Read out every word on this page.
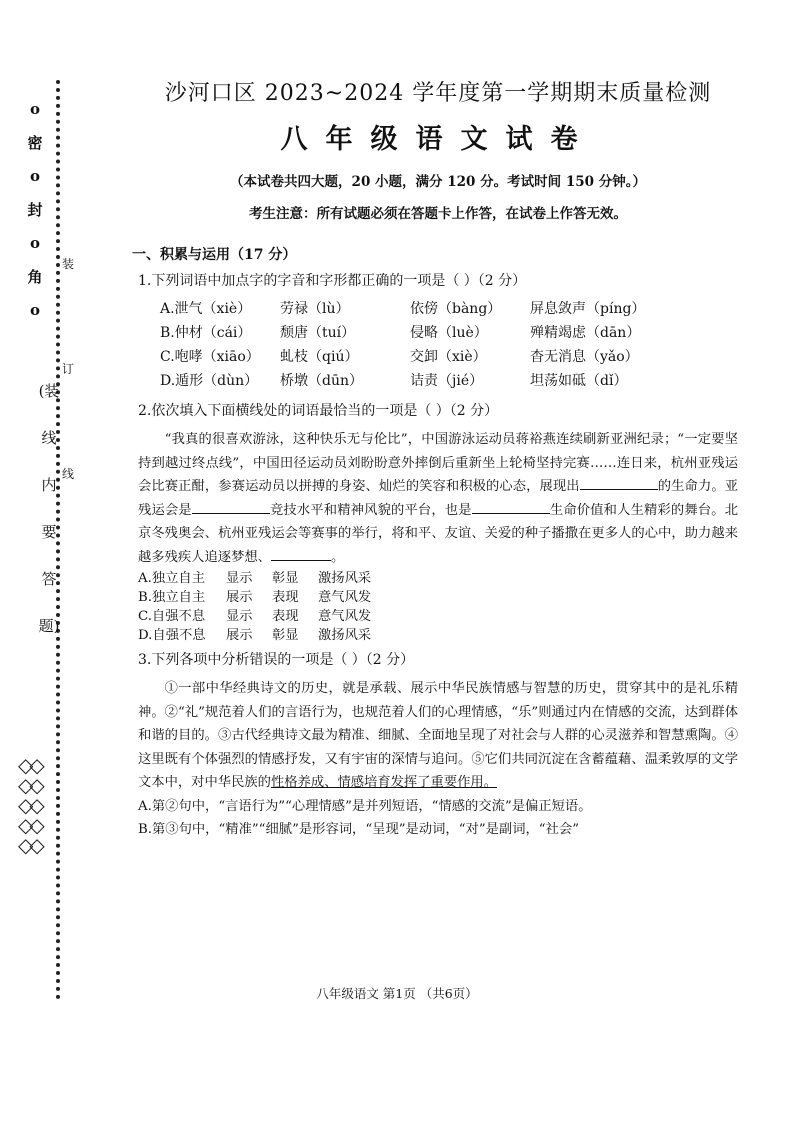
o
密
o
封
o
角
o
(装
线
内
要
答
题)
装
订
线
◇◇
◇◇
◇◇
◇◇
◇◇
沙河口区 2023~2024 学年度第一学期期末质量检测
八年级语文试卷
（本试卷共四大题，20 小题，满分 120 分。考试时间 150 分钟。）
考生注意：所有试题必须在答题卡上作答，在试卷上作答无效。
一、积累与运用（17 分）
1.下列词语中加点字的字音和字形都正确的一项是（ ）（2 分）
A.泄气（xiè）	劳禄（lù）	依傍（bàng）	屏息敛声（píng）
B.仲材（cái）	颓唐（tuí）	侵略（luè）	殚精竭虑（dān）
C.咆哮（xiāo）	虬枝（qiú）	交卸（xiè）	杳无消息（yǎo）
D.遁形（dùn）	桥墩（dūn）	诘责（jié）	坦荡如砥（dǐ）
2.依次填入下面横线处的词语最恰当的一项是（ ）（2 分）

“我真的很喜欢游泳，这种快乐无与伦比”，中国游泳运动员蒋裕燕连续刷新亚洲纪录；“一定要坚持到越过终点线”，中国田径运动员刘盼盼意外摔倒后重新坐上轮椅坚持完赛……连日来，杭州亚残运会比赛正酣，参赛运动员以拼搏的身姿、灿烂的笑容和积极的心态，展现出	的生命力。亚残运会是	竞技水平和精神风貌的平台，也是	生命价值和人生精彩的舞台。北京冬残奥会、杭州亚残运会等赛事的举行，将和平、友谊、关爱的种子播撒在更多人的心中，助力越来越多残疾人追逐梦想、	。

A.独立自主 显示 彰显 激扬风采

B.独立自主 展示 表现 意气风发

C.自强不息 显示 表现 意气风发

D.自强不息 展示 彰显 激扬风采

3.下列各项中分析错误的一项是（ ）（2 分）

①一部中华经典诗文的历史，就是承载、展示中华民族情感与智慧的历史，贯穿其中的是礼乐精神。②“礼”规范着人们的言语行为，也规范着人们的心理情感，“乐”则通过内在情感的交流，达到群体和谐的目的。③古代经典诗文最为精准、细腻、全面地呈现了对社会与人群的心灵滋养和智慧熏陶。④这里既有个体强烈的情感抒发，又有宇宙的深情与追问。⑤它们共同沉淀在含蓄蕴藉、温柔敦厚的文学文本中，对中华民族的性格养成、情感培育发挥了重要作用。

A.第②句中，“言语行为”“心理情感”是并列短语，“情感的交流”是偏正短语。

B.第③句中，“精准”“细腻”是形容词，“呈现”是动词，“对”是副词，“社会”

八年级语文 第1页 （共6页）
